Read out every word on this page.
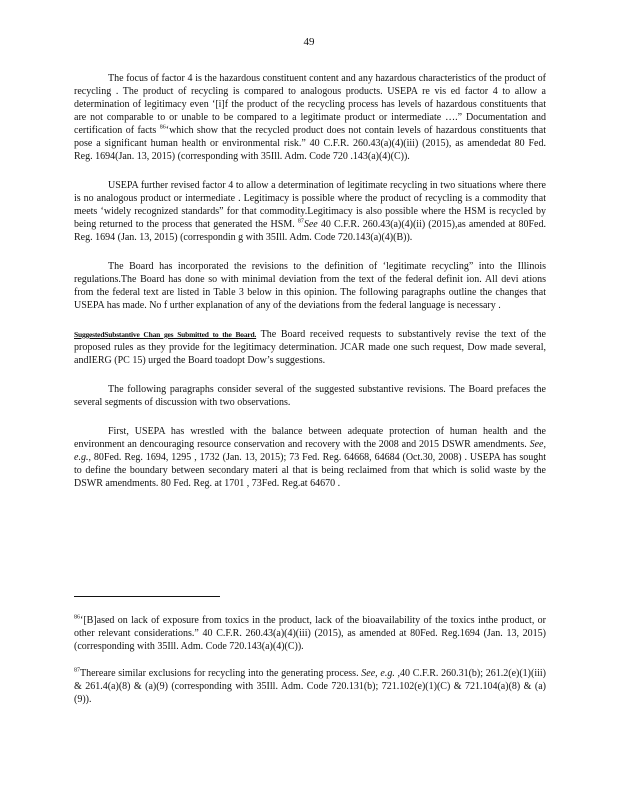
49

The focus of factor 4 is the hazardous constituent content and any hazardous characteristics of the product of recycling . The product of recycling is compared to analogous products. USEPA re vis ed factor 4 to allow a determination of legitimacy even ‘[i]f the product of the recycling process has levels of hazardous constituents that are not comparable to or unable to be compared to a legitimate product or intermediate ….” Documentation and certification of facts $^{86}$‘which show that the recycled product does not contain levels of hazardous constituents that pose a significant human health or environmental risk.” 40 C.F.R. 260.43(a)(4)(iii) (2015), as amendedat 80 Fed. Reg. 1694(Jan. 13, 2015) (corresponding with 35Ill. Adm. Code 720 .143(a)(4)(C)).

USEPA further revised factor 4 to allow a determination of legitimate recycling in two situations where there is no analogous product or intermediate . Legitimacy is possible where the product of recycling is a commodity that meets ‘widely recognized standards” for that commodity.Legitimacy is also possible where the HSM is recycled by being returned to the process that generated the HSM. $^{87}$See 40 C.F.R. 260.43(a)(4)(ii) (2015),as amended at 80Fed. Reg. 1694 (Jan. 13, 2015) (correspondin g with 35Ill. Adm. Code 720.143(a)(4)(B)).

The Board has incorporated the revisions to the definition of ‘legitimate recycling” into the Illinois regulations.The Board has done so with minimal deviation from the text of the federal definit ion. All devi ations from the federal text are listed in Table 3 below in this opinion. The following paragraphs outline the changes that USEPA has made. No f urther explanation of any of the deviations from the federal language is necessary .

SuggestedSubstantive Chan ges Submitted to the Board. The Board received requests to substantively revise the text of the proposed rules as they provide for the legitimacy determination. JCAR made one such request, Dow made several, andIERG (PC 15) urged the Board toadopt Dow’s suggestions.

The following paragraphs consider several of the suggested substantive revisions. The Board prefaces the several segments of discussion with two observations.

First, USEPA has wrestled with the balance between adequate protection of human health and the environment an dencouraging resource conservation and recovery with the 2008 and 2015 DSWR amendments. See, e.g., 80Fed. Reg. 1694, 1295 , 1732 (Jan. 13, 2015); 73 Fed. Reg. 64668, 64684 (Oct.30, 2008) . USEPA has sought to define the boundary between secondary materi al that is being reclaimed from that which is solid waste by the DSWR amendments. 80 Fed. Reg. at 1701 , 73Fed. Reg.at 64670 .

$^{86}$‘[B]ased on lack of exposure from toxics in the product, lack of the bioavailability of the toxics inthe product, or other relevant considerations.” 40 C.F.R. 260.43(a)(4)(iii) (2015), as amended at 80Fed. Reg.1694 (Jan. 13, 2015) (corresponding with 35Ill. Adm. Code 720.143(a)(4)(C)).

$^{87}$Thereare similar exclusions for recycling into the generating process. See, e.g. ,40 C.F.R. 260.31(b); 261.2(e)(1)(iii) & 261.4(a)(8) & (a)(9) (corresponding with 35Ill. Adm. Code 720.131(b); 721.102(e)(1)(C) & 721.104(a)(8) & (a)(9)).
